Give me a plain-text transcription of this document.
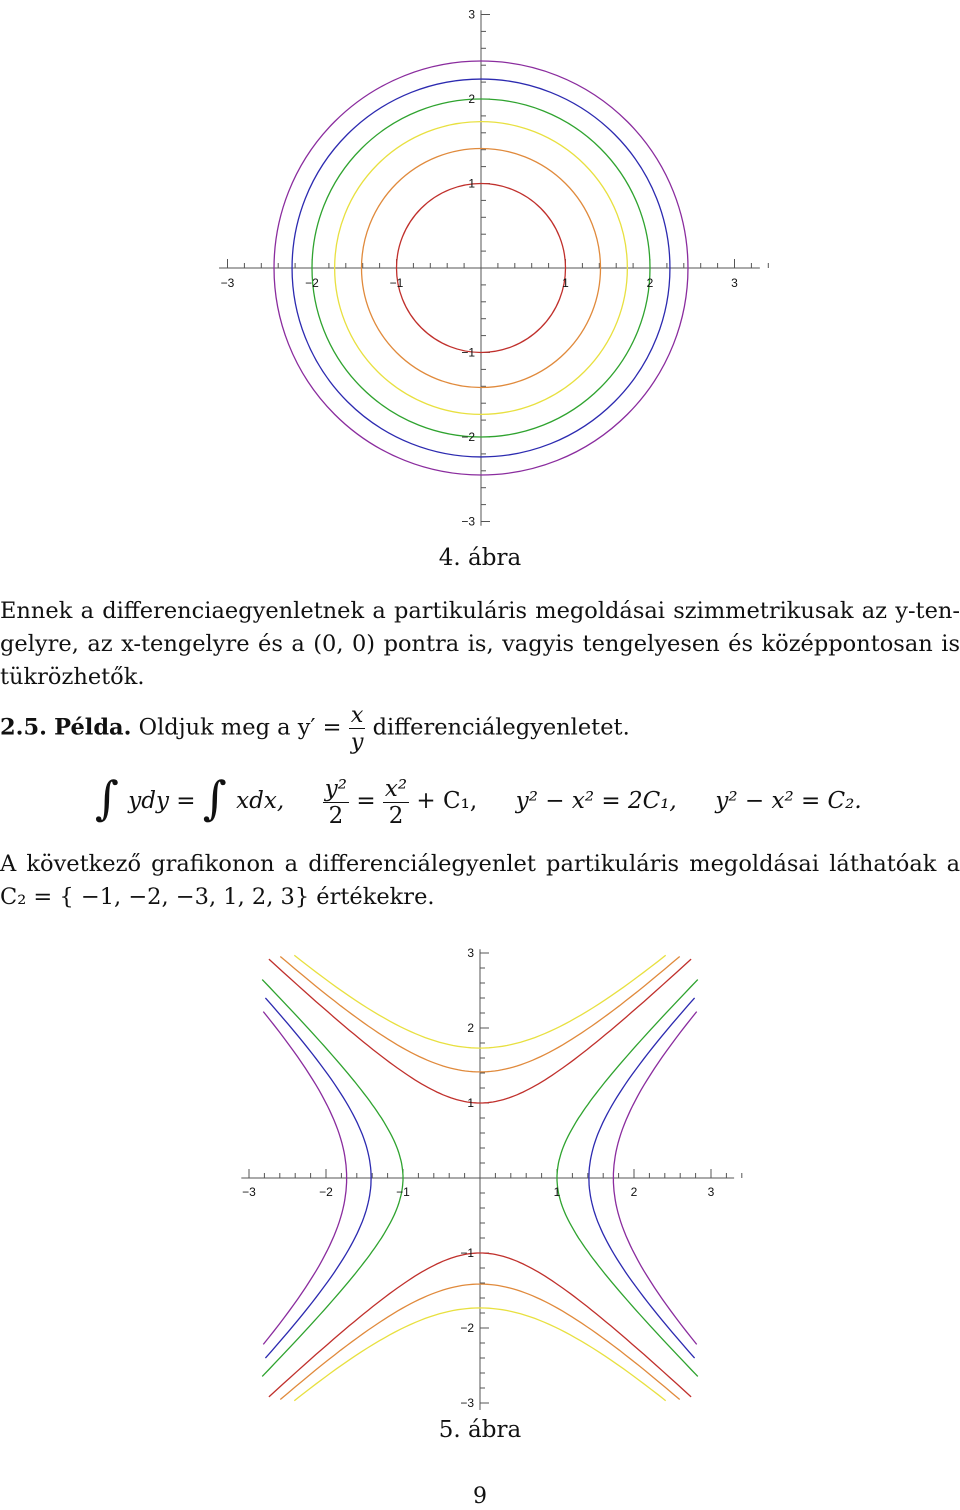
−3	−2	−1	1	2	3
3
2
1
−1
−2
−3
4. ábra
Ennek a differenciaegyenletnek a partikuláris megoldásai szimmetrikusak az y-ten-
gelyre, az x-tengelyre és a (0, 0) pontra is, vagyis tengelyesen és középpontosan is
tükrözhetők.
2.5. Példa. Oldjuk meg a $y' = \frac{x}{y}$ differenciálegyenletet.
∫ ydy = ∫ xdx, $\frac{\text{y²}}{2} = \frac{\text{x²}}{2} + C_1$, y² − x² = 2C₁, y² − x² = C₂.
A következő grafikonon a differenciálegyenlet partikuláris megoldásai láthatóak a
C₂ = { −1, −2, −3, 1, 2, 3} értékekre.
−3	−2	−1	1	2	3
3
2
1
−1
−2
−3
5. ábra
9
